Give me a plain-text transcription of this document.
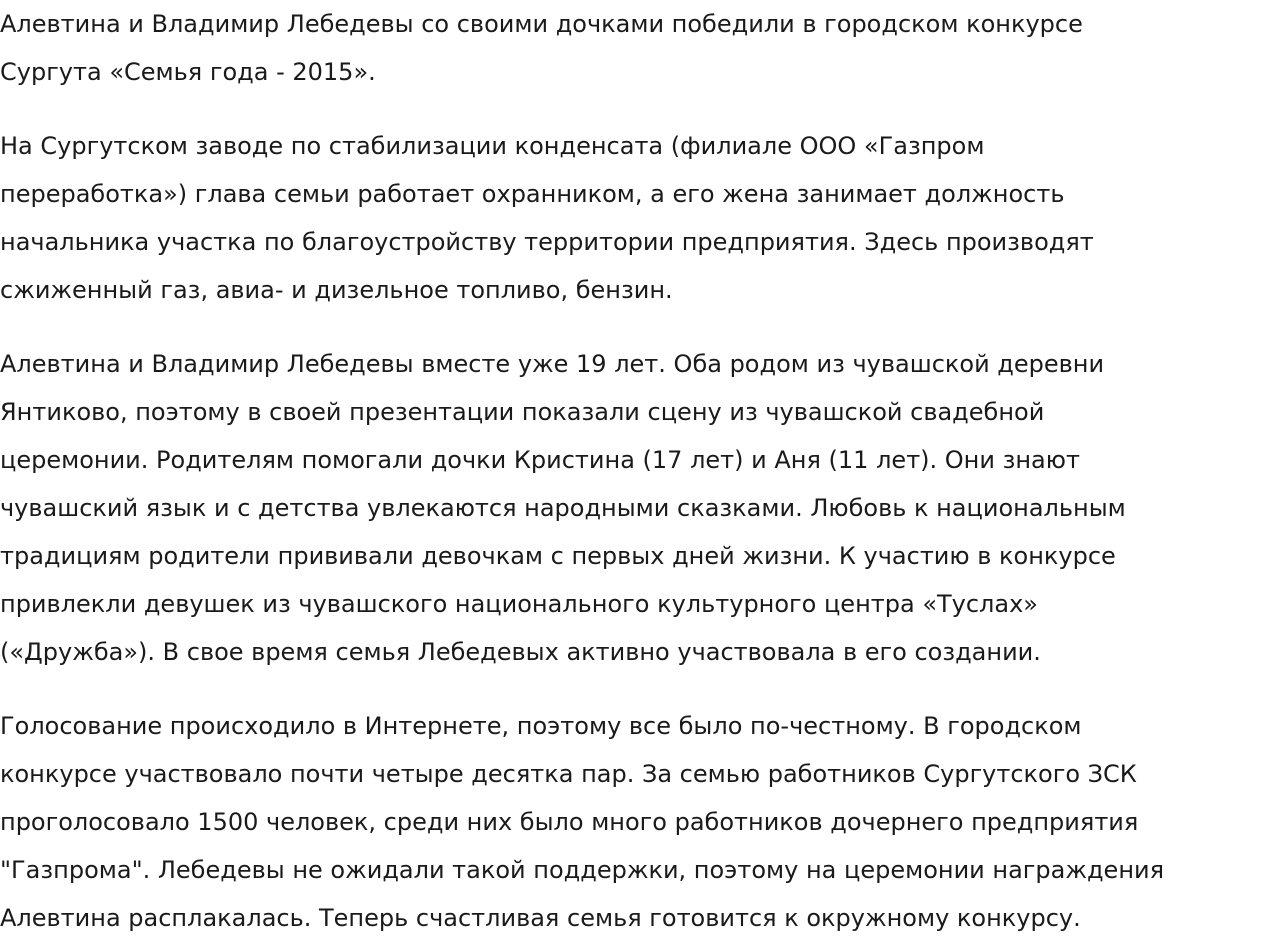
Алевтина и Владимир Лебедевы со своими дочками победили в городском конкурсе
Сургута «Семья года - 2015».

На Сургутском заводе по стабилизации конденсата (филиале ООО «Газпром
переработка») глава семьи работает охранником, а его жена занимает должность
начальника участка по благоустройству территории предприятия. Здесь производят
сжиженный газ, авиа- и дизельное топливо, бензин.

Алевтина и Владимир Лебедевы вместе уже 19 лет. Оба родом из чувашской деревни
Янтиково, поэтому в своей презентации показали сцену из чувашской свадебной
церемонии. Родителям помогали дочки Кристина (17 лет) и Аня (11 лет). Они знают
чувашский язык и с детства увлекаются народными сказками. Любовь к национальным
традициям родители прививали девочкам с первых дней жизни. К участию в конкурсе
привлекли девушек из чувашского национального культурного центра «Туслах»
(«Дружба»). В свое время семья Лебедевых активно участвовала в его создании.

Голосование происходило в Интернете, поэтому все было по-честному. В городском
конкурсе участвовало почти четыре десятка пар. За семью работников Сургутского ЗСК
проголосовало 1500 человек, среди них было много работников дочернего предприятия
"Газпрома". Лебедевы не ожидали такой поддержки, поэтому на церемонии награждения
Алевтина расплакалась. Теперь счастливая семья готовится к окружному конкурсу.
